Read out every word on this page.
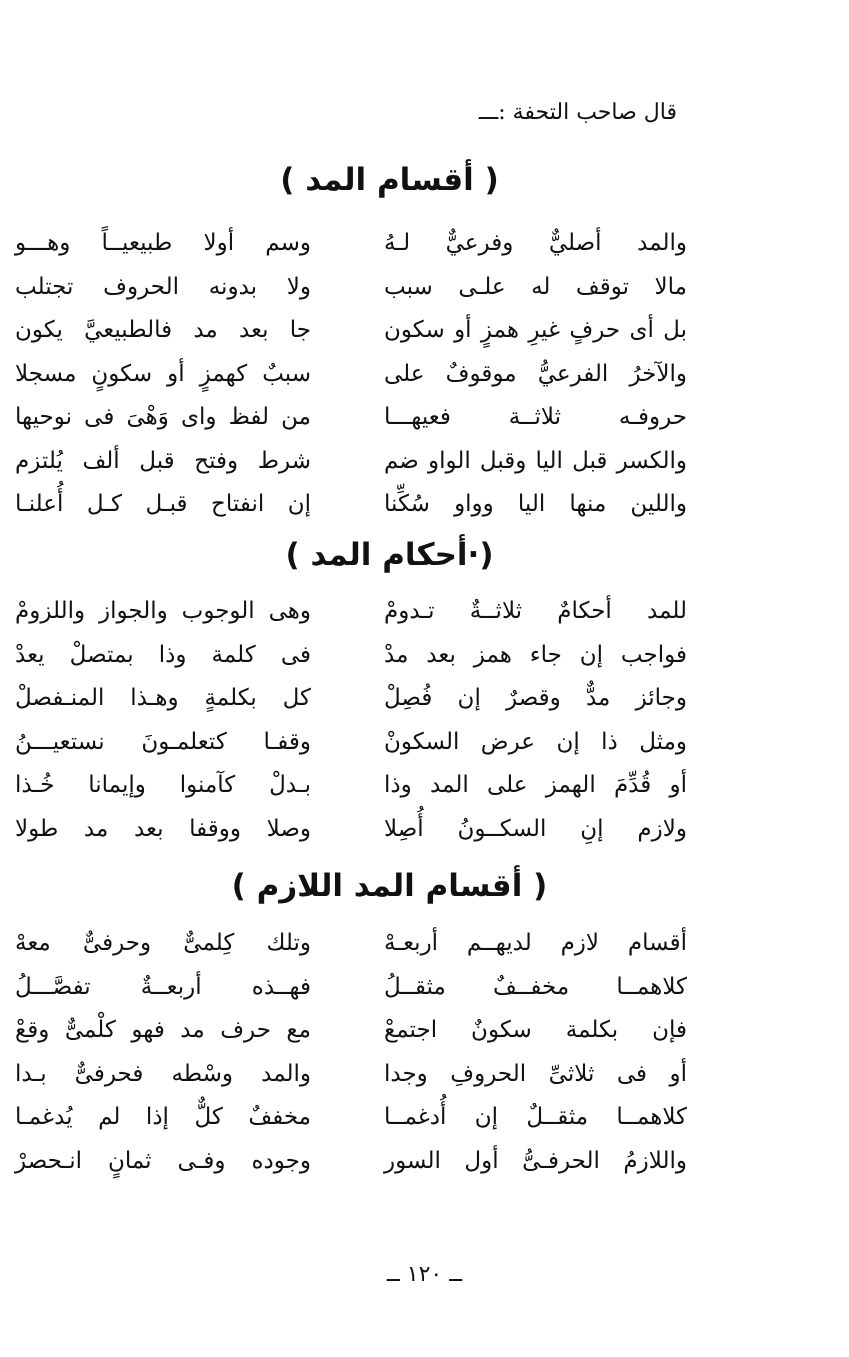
قال صاحب التحفة :ـــ
( أقسام المد )
والمد أصليٌّ وفرعيٌّ لـهُ
وسم أولا طبيعيــاً وهـــو
مالا توقف له علـى سبب
ولا بدونه الحروف تجتلب
بل أى حرفٍ غيرِ همزٍ أو سكون
جا بعد مد فالطبيعيَّ يكون
والآخرُ الفرعيُّ موقوفٌ على
سببٌ كهمزٍ أو سكونٍ مسجلا
حروفـه ثلاثــة فعيهـــا
من لفظ واى وَهْىَ فى نوحيها
والكسر قبل اليا وقبل الواو ضم
شرط وفتح قبل ألف يُلتزم
واللين منها اليا وواو سُكِّنا
إن انفتاح قبـل كـل أُعلنـا
(·أحكام المد )
للمد أحكامٌ ثلاثــةٌ تـدومْ
وهى الوجوب والجواز واللزومْ
فواجب إن جاء همز بعد مدْ
فى كلمة وذا بمتصلْ يعدْ
وجائز مدٌّ وقصرٌ إن فُصِلْ
كل بكلمةٍ وهـذا المنـفصلْ
ومثل ذا إن عرض السكونْ
وقفـا كتعلمـونَ نستعيـــنُ
أو قُدِّمَ الهمز على المد وذا
بـدلْ كآمنوا وإيمانا خُـذا
ولازم إنِ السكــونُ أُصِلا
وصلا ووقفا بعد مد طولا
( أقسام المد اللازم )
أقسام لازم لديهــم أربعـهْ
وتلك كِلمىٌّ وحرفىٌّ معهْ
كلاهمــا مخفــفٌ مثقــلُ
فهــذه أربعــةٌ تفصَّـــلُ
فإن بكلمة سكونٌ اجتمعْ
مع حرف مد فهو كلْمىٌّ وقعْ
أو فى ثلاثىِّ الحروفِ وجدا
والمد وسْطه فحرفىٌّ بـدا
كلاهمــا مثقــلٌ إن أُدغمــا
مخففٌ كلٌّ إذا لم يُدغمـا
واللازمُ الحرفـىُّ أول السور
وجوده وفـى ثمانٍ انـحصرْ
ــ ١٢٠ ــ
